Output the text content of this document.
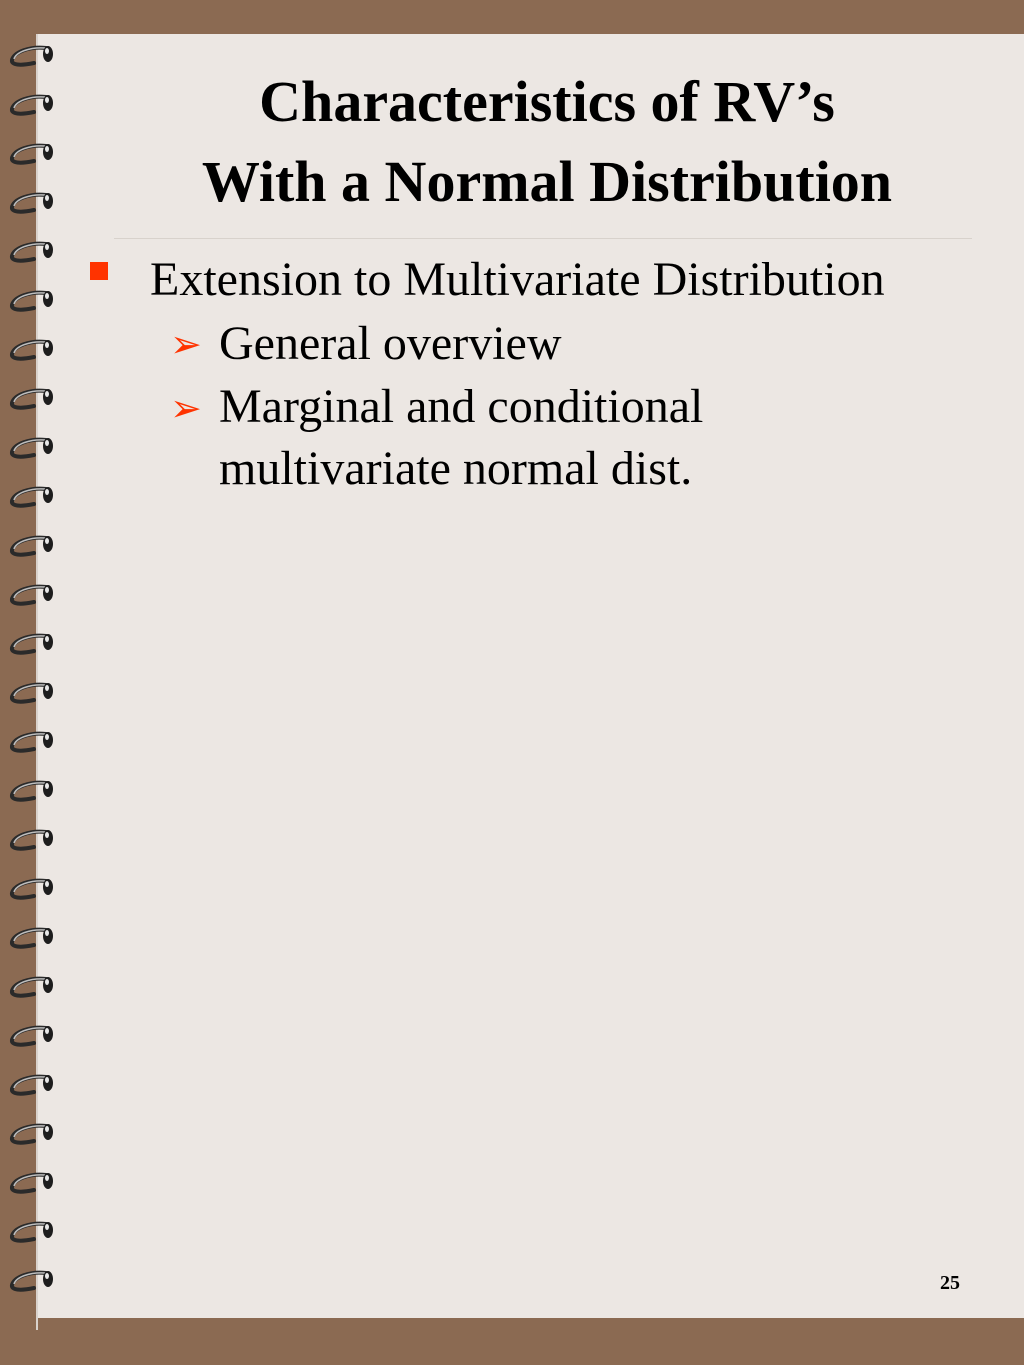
Characteristics of RV’s
With a Normal Distribution
Extension to Multivariate Distribution
➢ General overview
➢ Marginal and conditional
multivariate normal dist.
25
